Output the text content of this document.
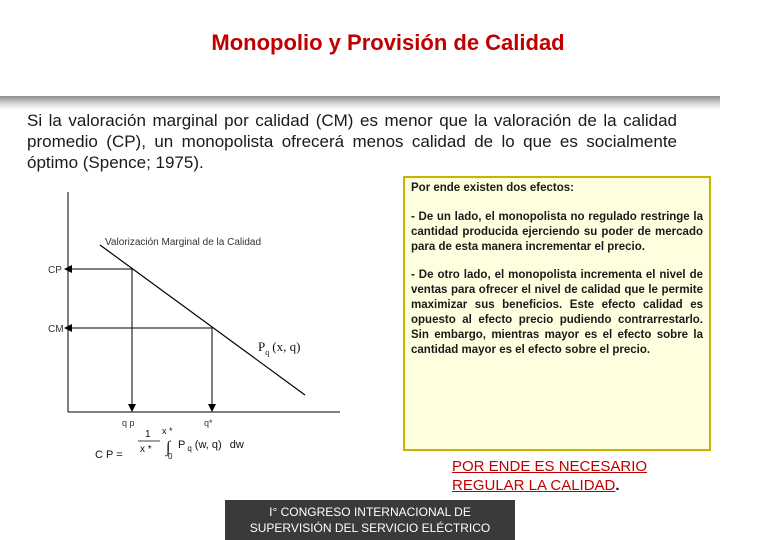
Monopolio y Provisión de Calidad
Si la valoración marginal por calidad (CM) es menor que la valoración de la calidad promedio (CP), un monopolista ofrecerá menos calidad de lo que es socialmente óptimo (Spence; 1975).
Valorización Marginal de la Calidad
CP
CM
q p	q*
$P_q$ (x, q)
C P =
1
x *
x *
∫
0
P $_q$ (w, q) dw

Por ende existen dos efectos:

- De un lado, el monopolista no regulado restringe la cantidad producida ejerciendo su poder de mercado para de esta manera incrementar el precio.

- De otro lado, el monopolista incrementa el nivel de ventas para ofrecer el nivel de calidad que le permite maximizar sus beneficios. Este efecto calidad es opuesto al efecto precio pudiendo contrarrestarlo. Sin embargo, mientras mayor es el efecto sobre la cantidad mayor es el efecto sobre el precio.

POR ENDE ES NECESARIO
REGULAR LA CALIDAD.
I° CONGRESO INTERNACIONAL DE
SUPERVISIÓN DEL SERVICIO ELÉCTRICO
